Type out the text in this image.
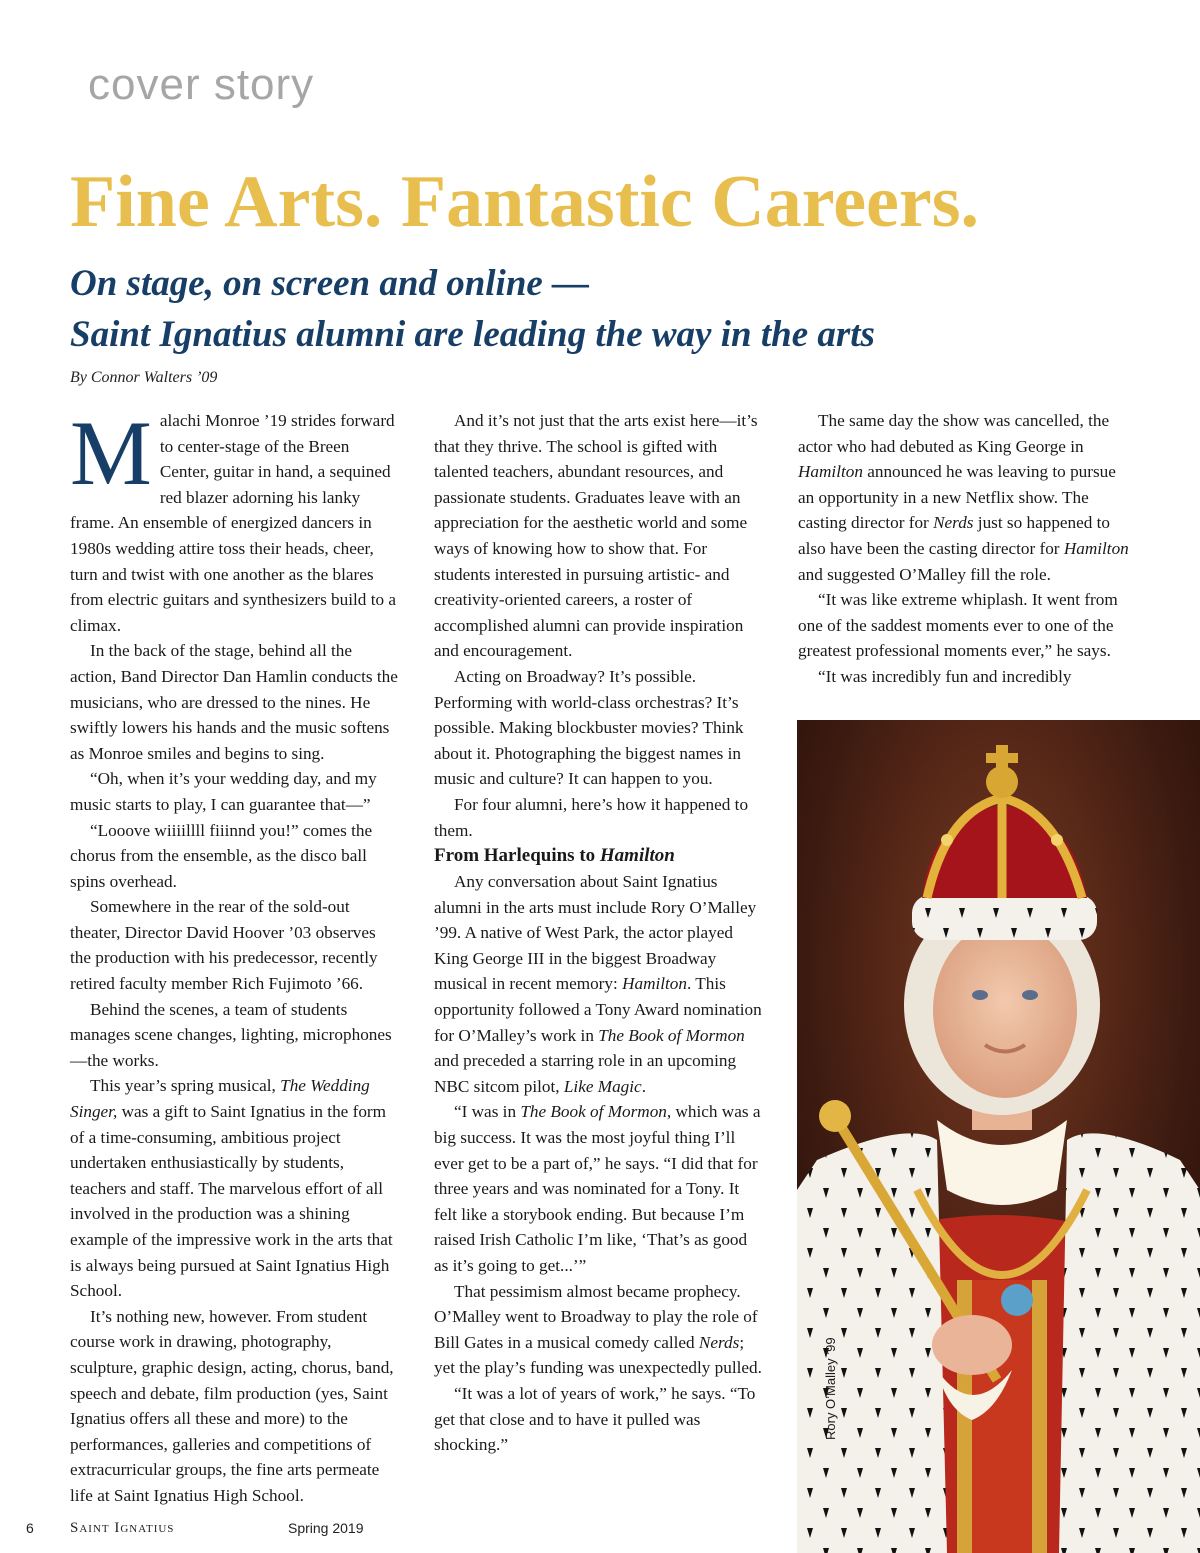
cover story
Fine Arts. Fantastic Careers.
On stage, on screen and online —
Saint Ignatius alumni are leading the way in the arts

By Connor Walters ’09

Malachi Monroe ’19 strides forward to center-stage of the Breen Center, guitar in hand, a sequined red blazer adorning his lanky frame. An ensemble of energized dancers in 1980s wedding attire toss their heads, cheer, turn and twist with one another as the blares from electric guitars and synthesizers build to a climax.

In the back of the stage, behind all the action, Band Director Dan Hamlin conducts the musicians, who are dressed to the nines. He swiftly lowers his hands and the music softens as Monroe smiles and begins to sing.

“Oh, when it’s your wedding day, and my music starts to play, I can guarantee that—”

“Looove wiiiillll fiiinnd you!” comes the chorus from the ensemble, as the disco ball spins overhead.

Somewhere in the rear of the sold-out theater, Director David Hoover ’03 observes the production with his predecessor, recently retired faculty member Rich Fujimoto ’66.

Behind the scenes, a team of students manages scene changes, lighting, microphones—the works.

This year’s spring musical, The Wedding Singer, was a gift to Saint Ignatius in the form of a time-consuming, ambitious project undertaken enthusiastically by students, teachers and staff. The marvelous effort of all involved in the production was a shining example of the impressive work in the arts that is always being pursued at Saint Ignatius High School.

It’s nothing new, however. From student course work in drawing, photography, sculpture, graphic design, acting, chorus, band, speech and debate, film production (yes, Saint Ignatius offers all these and more) to the performances, galleries and competitions of extracurricular groups, the fine arts permeate life at Saint Ignatius High School.

And it’s not just that the arts exist here—it’s that they thrive. The school is gifted with talented teachers, abundant resources, and passionate students. Graduates leave with an appreciation for the aesthetic world and some ways of knowing how to show that. For students interested in pursuing artistic- and creativity-oriented careers, a roster of accomplished alumni can provide inspiration and encouragement.

Acting on Broadway? It’s possible. Performing with world-class orchestras? It’s possible. Making blockbuster movies? Think about it. Photographing the biggest names in music and culture? It can happen to you.

For four alumni, here’s how it happened to them.

From Harlequins to Hamilton

Any conversation about Saint Ignatius alumni in the arts must include Rory O’Malley ’99. A native of West Park, the actor played King George III in the biggest Broadway musical in recent memory: Hamilton. This opportunity followed a Tony Award nomination for O’Malley’s work in The Book of Mormon and preceded a starring role in an upcoming NBC sitcom pilot, Like Magic.

“I was in The Book of Mormon, which was a big success. It was the most joyful thing I’ll ever get to be a part of,” he says. “I did that for three years and was nominated for a Tony. It felt like a storybook ending. But because I’m raised Irish Catholic I’m like, ‘That’s as good as it’s going to get...’”

That pessimism almost became prophecy. O’Malley went to Broadway to play the role of Bill Gates in a musical comedy called Nerds; yet the play’s funding was unexpectedly pulled.

“It was a lot of years of work,” he says. “To get that close and to have it pulled was shocking.”

The same day the show was cancelled, the actor who had debuted as King George in Hamilton announced he was leaving to pursue an opportunity in a new Netflix show. The casting director for Nerds just so happened to also have been the casting director for Hamilton and suggested O’Malley fill the role.

“It was like extreme whiplash. It went from one of the saddest moments ever to one of the greatest professional moments ever,” he says.

“It was incredibly fun and incredibly

Rory O’Malley ’99
6 Saint Ignatius	Spring 2019
